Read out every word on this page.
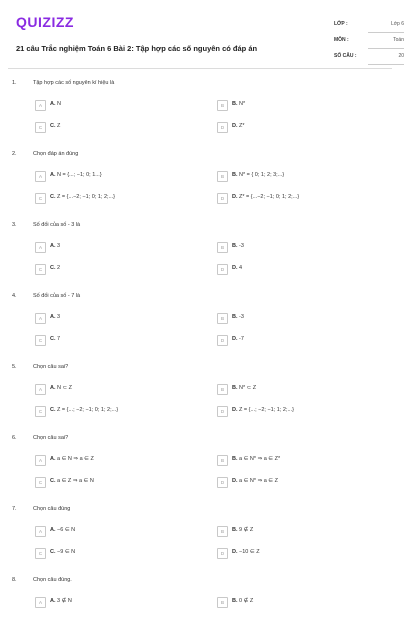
QUIZIZZ
21 câu Trắc nghiệm Toán 6 Bài 2: Tập hợp các số nguyên có đáp án
LỚP :	Lớp 6
MÔN :	Toán
SỐ CÂU :	20
1.	Tập hợp các số nguyên kí hiệu là
A	A. N	B	B. N*
C	C. Z	D	D. Z*
2.	Chọn đáp án đúng
A	A. N = {...; −1; 0; 1...}	B	B. N* = { 0; 1; 2; 3;...}
C	C. Z = {...−2; −1; 0; 1; 2;...}	D	D. Z* = {...−2; −1; 0; 1; 2;...}
3.	Số đối của số - 3 là
A	A. 3	B	B. -3
C	C. 2	D	D. 4
4.	Số đối của số - 7 là
A	A. 3	B	B. -3
C	C. 7	D	D. -7
5.	Chọn câu sai?
A	A. N ⊂ Z	B	B. N* ⊂ Z
C	C. Z = {...; −2; −1; 0; 1; 2;...}	D	D. Z = {...; −2; −1; 1; 2;...}
6.	Chọn câu sai?
A	A. a ∈ N ⇒ a ∈ Z	B	B. a ∈ N* ⇒ a ∈ Z*
C	C. a ∈ Z ⇒ a ∈ N	D	D. a ∈ N* ⇒ a ∈ Z
7.	Chọn câu đúng
A	A. −6 ∈ N	B	B. 9 ∉ Z
C	C. −9 ∈ N	D	D. −10 ∈ Z
8.	Chọn câu đúng.
A	A. 3 ∉ N	B	B. 0 ∉ Z
